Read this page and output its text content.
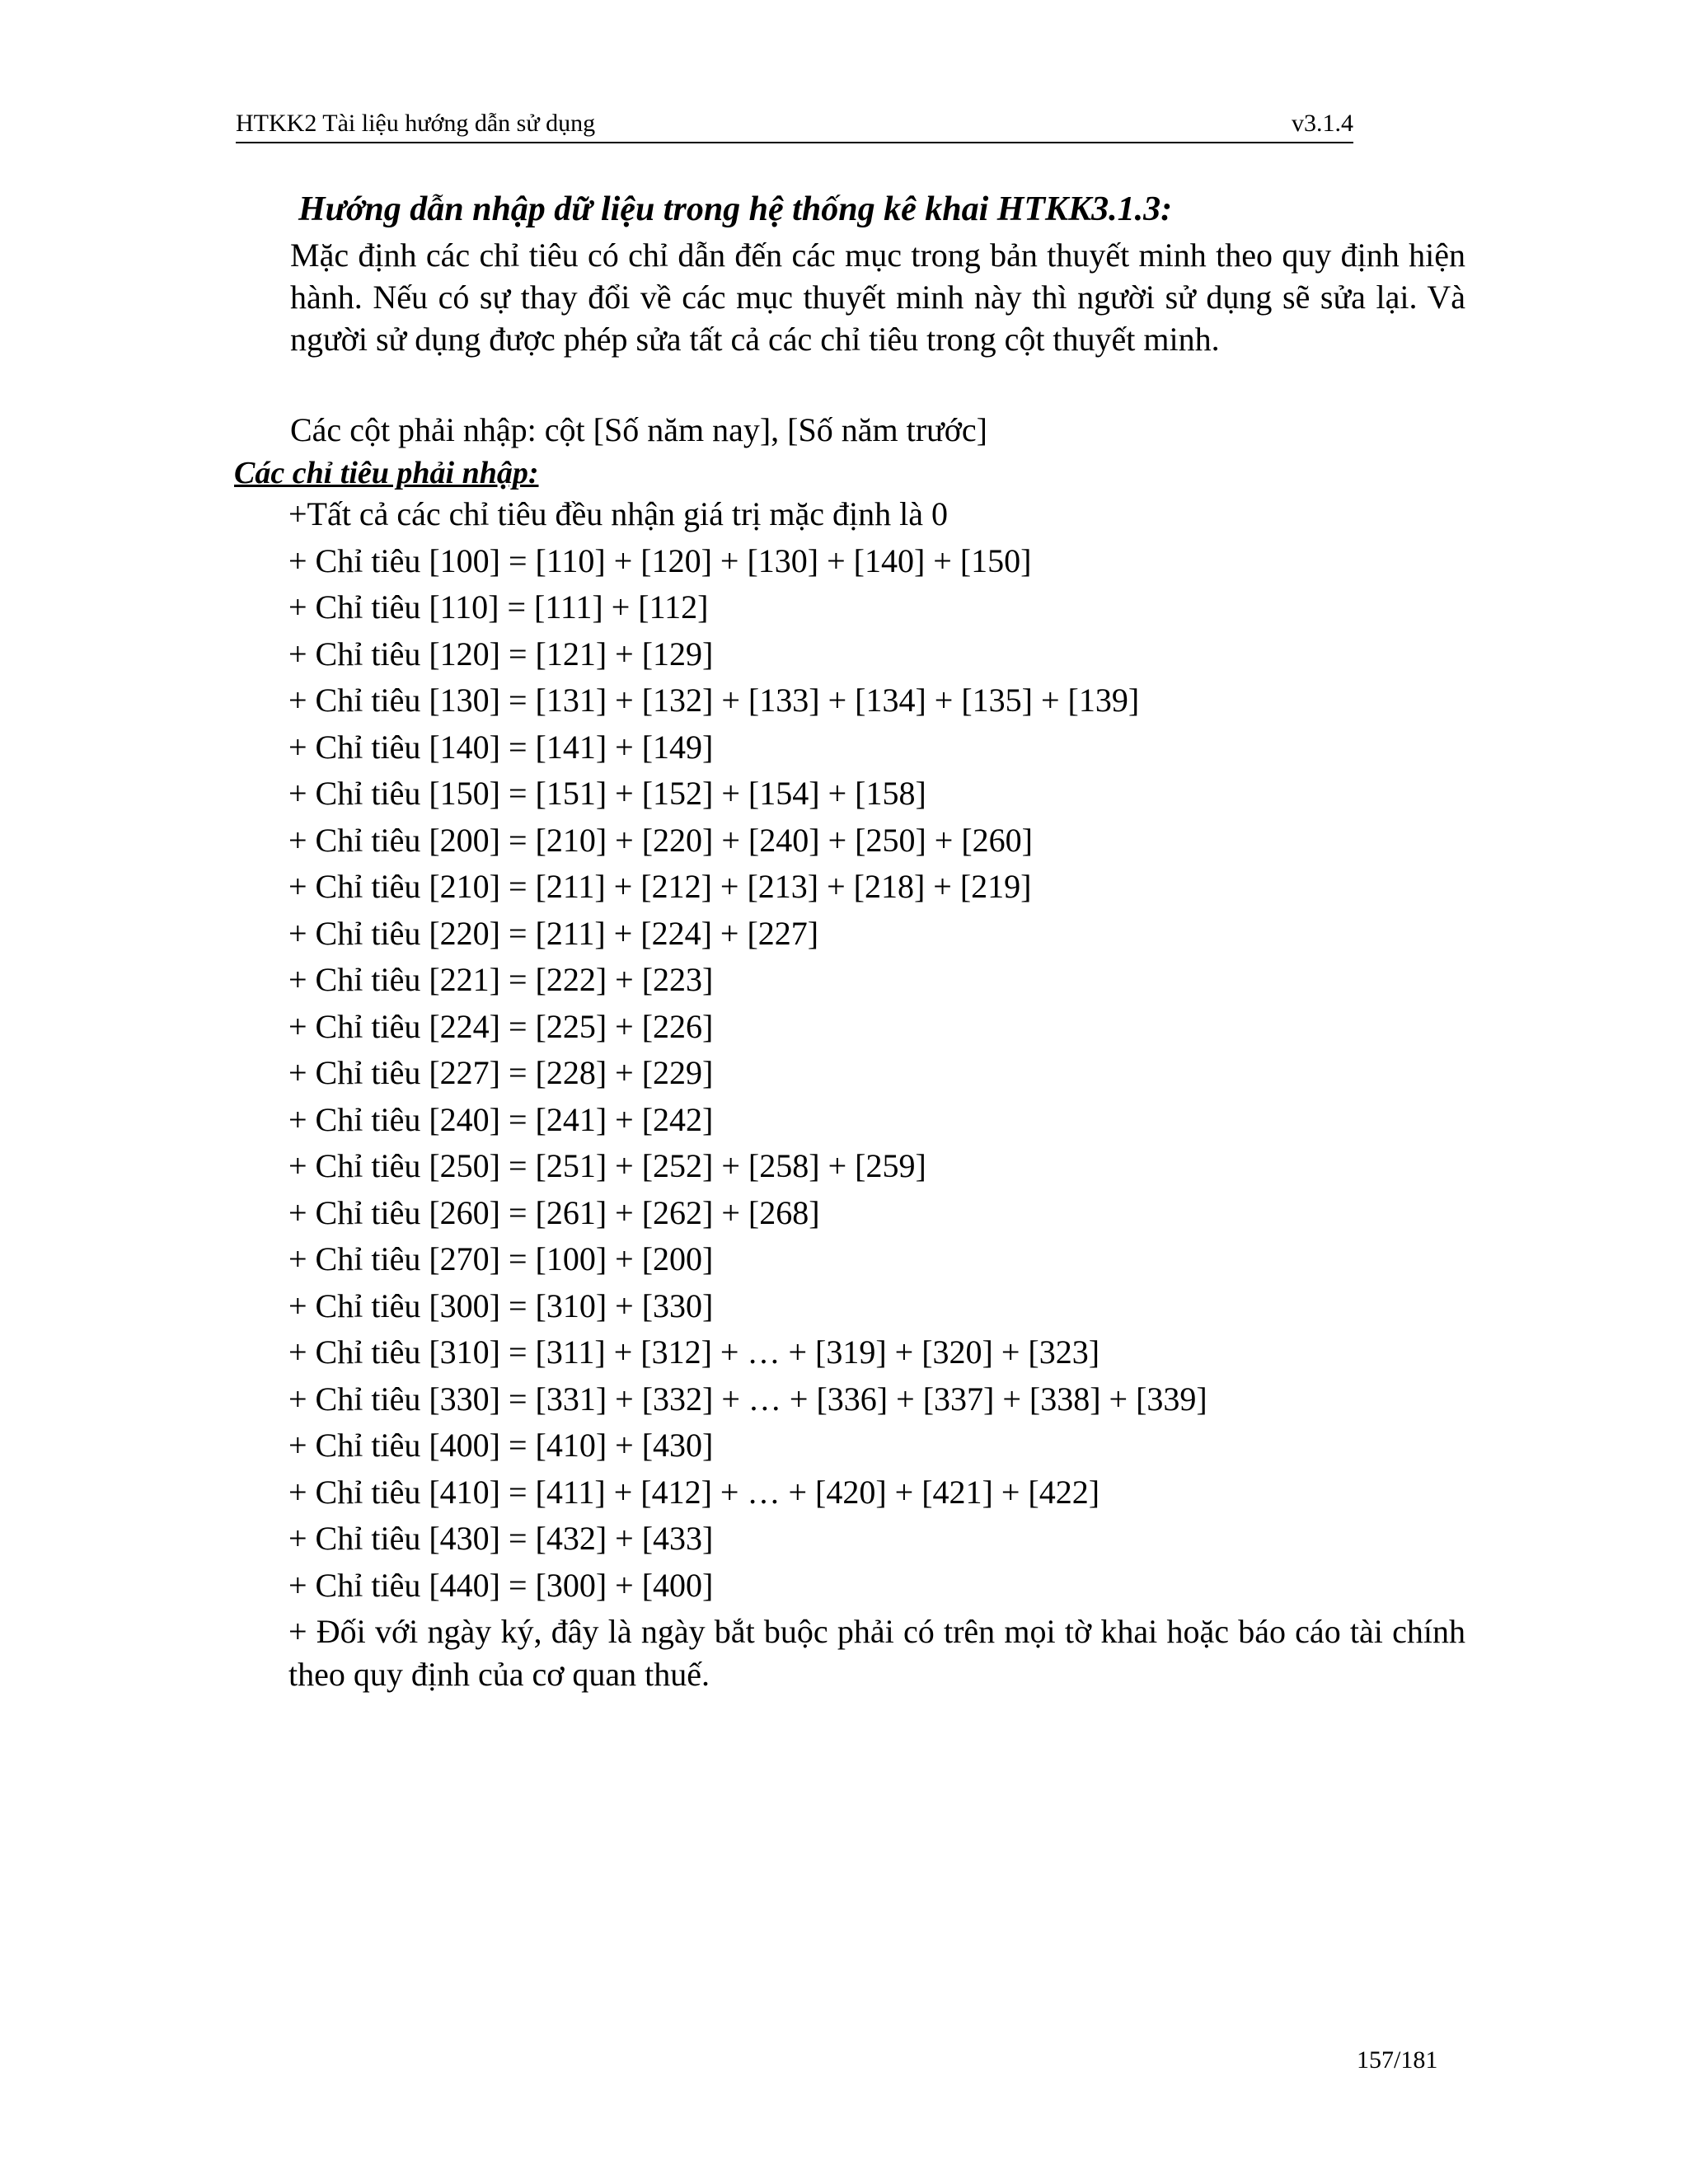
HTKK2 Tài liệu hướng dẫn sử dụng	v3.1.4
Hướng dẫn nhập dữ liệu trong hệ thống kê khai HTKK3.1.3:
Mặc định các chỉ tiêu có chỉ dẫn đến các mục trong bản thuyết minh theo quy định hiện hành. Nếu có sự thay đổi về các mục thuyết minh này thì người sử dụng sẽ sửa lại. Và người sử dụng được phép sửa tất cả các chỉ tiêu trong cột thuyết minh.
Các cột phải nhập: cột [Số năm nay], [Số năm trước]
Các chỉ tiêu phải nhập:
+Tất cả các chỉ tiêu đều nhận giá trị mặc định là 0
+ Chỉ tiêu [100] = [110] + [120] + [130] + [140] + [150]
+ Chỉ tiêu [110] = [111] + [112]
+ Chỉ tiêu [120] = [121] + [129]
+ Chỉ tiêu [130] = [131] + [132] + [133] + [134] + [135] + [139]
+ Chỉ tiêu [140] = [141] + [149]
+ Chỉ tiêu [150] = [151] + [152] + [154] + [158]
+ Chỉ tiêu [200] = [210] + [220] + [240] + [250] + [260]
+ Chỉ tiêu [210] = [211] + [212] + [213] + [218] + [219]
+ Chỉ tiêu [220] = [211] + [224] + [227]
+ Chỉ tiêu [221] = [222] + [223]
+ Chỉ tiêu [224] = [225] + [226]
+ Chỉ tiêu [227] = [228] + [229]
+ Chỉ tiêu [240] = [241] + [242]
+ Chỉ tiêu [250] = [251] + [252] + [258] + [259]
+ Chỉ tiêu [260] = [261] + [262] + [268]
+ Chỉ tiêu [270] = [100] + [200]
+ Chỉ tiêu [300] = [310] + [330]
+ Chỉ tiêu [310] = [311] + [312] + … + [319] + [320] + [323]
+ Chỉ tiêu [330] = [331] + [332] + … + [336] + [337] + [338] + [339]
+ Chỉ tiêu [400] = [410] + [430]
+ Chỉ tiêu [410] = [411] + [412] + … + [420] + [421] + [422]
+ Chỉ tiêu [430] = [432] + [433]
+ Chỉ tiêu [440] = [300] + [400]
+ Đối với ngày ký, đây là ngày bắt buộc phải có trên mọi tờ khai hoặc báo cáo tài chính theo quy định của cơ quan thuế.
157/181
